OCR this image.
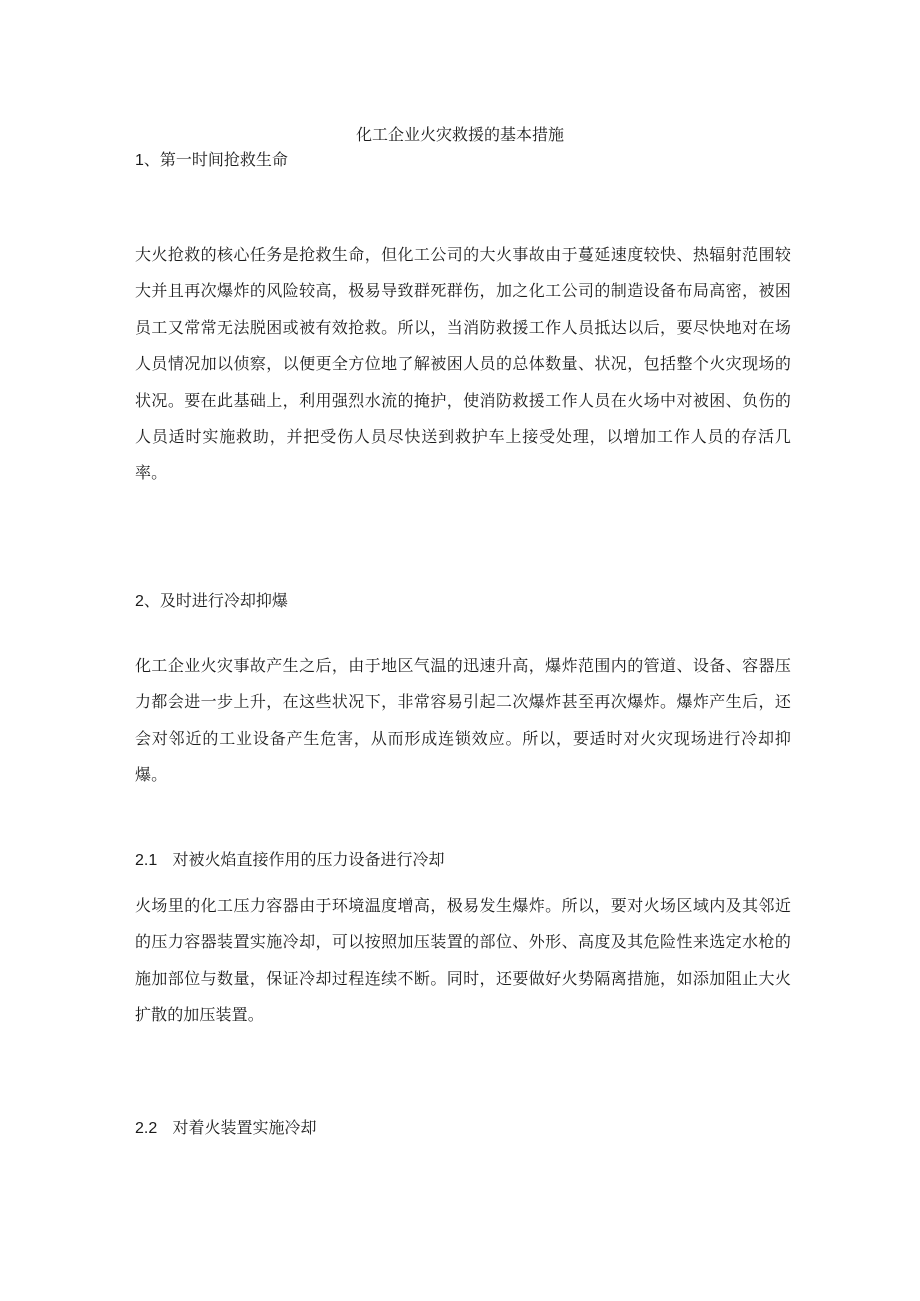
化工企业火灾救援的基本措施
1、第一时间抢救生命

大火抢救的核心任务是抢救生命，但化工公司的大火事故由于蔓延速度较快、热辐射范围较大并且再次爆炸的风险较高，极易导致群死群伤，加之化工公司的制造设备布局高密，被困员工又常常无法脱困或被有效抢救。所以，当消防救援工作人员抵达以后，要尽快地对在场人员情况加以侦察，以便更全方位地了解被困人员的总体数量、状况，包括整个火灾现场的状况。要在此基础上，利用强烈水流的掩护，使消防救援工作人员在火场中对被困、负伤的人员适时实施救助，并把受伤人员尽快送到救护车上接受处理，以增加工作人员的存活几率。

2、及时进行冷却抑爆

化工企业火灾事故产生之后，由于地区气温的迅速升高，爆炸范围内的管道、设备、容器压力都会进一步上升，在这些状况下，非常容易引起二次爆炸甚至再次爆炸。爆炸产生后，还会对邻近的工业设备产生危害，从而形成连锁效应。所以，要适时对火灾现场进行冷却抑爆。

2.1 对被火焰直接作用的压力设备进行冷却

火场里的化工压力容器由于环境温度增高，极易发生爆炸。所以，要对火场区域内及其邻近的压力容器装置实施冷却，可以按照加压装置的部位、外形、高度及其危险性来选定水枪的施加部位与数量，保证冷却过程连续不断。同时，还要做好火势隔离措施，如添加阻止大火扩散的加压装置。

2.2 对着火装置实施冷却
